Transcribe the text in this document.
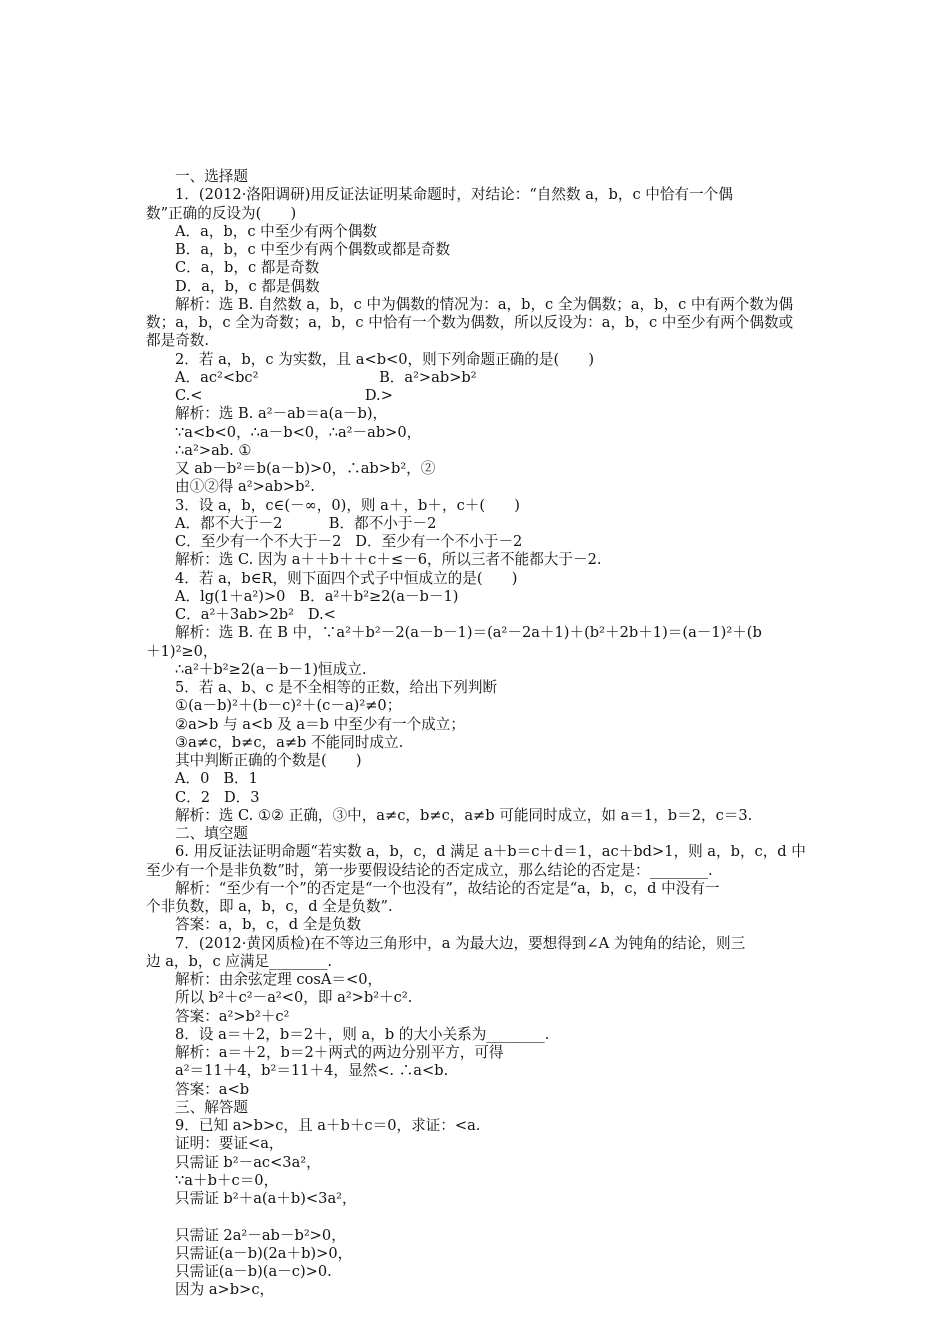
一、选择题
1．(2012·洛阳调研)用反证法证明某命题时，对结论：“自然数 a，b，c 中恰有一个偶
数”正确的反设为(　　)
A．a，b，c 中至少有两个偶数
B．a，b，c 中至少有两个偶数或都是奇数
C．a，b，c 都是奇数
D．a，b，c 都是偶数
解析：选 B. 自然数 a，b，c 中为偶数的情况为：a，b，c 全为偶数；a，b，c 中有两个数为偶
数；a，b，c 全为奇数；a，b，c 中恰有一个数为偶数，所以反设为：a，b，c 中至少有两个偶数或
都是奇数.
2．若 a，b，c 为实数，且 a<b<0，则下列命题正确的是(　　)
A．ac²<bc²                          B．a²>ab>b²
C.<                                   D.>
解析：选 B. a²－ab＝a(a－b)，
∵a<b<0，∴a－b<0，∴a²－ab>0，
∴a²>ab. ①
又 ab－b²＝b(a－b)>0，∴ab>b²，②
由①②得 a²>ab>b².
3．设 a，b，c∈(－∞，0)，则 a＋，b＋，c＋(　　)
A．都不大于－2          B．都不小于－2
C．至少有一个不大于－2   D．至少有一个不小于－2
解析：选 C. 因为 a＋＋b＋＋c＋≤－6，所以三者不能都大于－2.
4．若 a，b∈R，则下面四个式子中恒成立的是(　　)
A．lg(1＋a²)>0   B．a²＋b²≥2(a－b－1)
C．a²＋3ab>2b²   D.<
解析：选 B. 在 B 中，∵a²＋b²－2(a－b－1)＝(a²－2a＋1)＋(b²＋2b＋1)＝(a－1)²＋(b
＋1)²≥0，
∴a²＋b²≥2(a－b－1)恒成立.
5．若 a、b、c 是不全相等的正数，给出下列判断
①(a－b)²＋(b－c)²＋(c－a)²≠0；
②a>b 与 a<b 及 a＝b 中至少有一个成立；
③a≠c，b≠c，a≠b 不能同时成立.
其中判断正确的个数是(　　)
A．0   B．1
C．2   D．3
解析：选 C. ①② 正确，③中，a≠c，b≠c，a≠b 可能同时成立，如 a＝1，b＝2，c＝3.
二、填空题
6. 用反证法证明命题“若实数 a，b，c，d 满足 a＋b＝c＋d＝1，ac＋bd>1，则 a，b，c，d 中
至少有一个是非负数”时，第一步要假设结论的否定成立，那么结论的否定是：________.
解析：“至少有一个”的否定是“一个也没有”，故结论的否定是“a，b，c，d 中没有一
个非负数，即 a，b，c，d 全是负数”.
答案：a，b，c，d 全是负数
7．(2012·黄冈质检)在不等边三角形中，a 为最大边，要想得到∠A 为钝角的结论，则三
边 a，b，c 应满足________.
解析：由余弦定理 cosA＝<0，
所以 b²＋c²－a²<0，即 a²>b²＋c².
答案：a²>b²＋c²
8．设 a＝＋2，b＝2＋，则 a，b 的大小关系为________.
解析：a＝＋2，b＝2＋两式的两边分别平方，可得
a²＝11＋4，b²＝11＋4，显然<. ∴a<b.
答案：a<b
三、解答题
9．已知 a>b>c，且 a＋b＋c＝0，求证：<a.
证明：要证<a，
只需证 b²－ac<3a²，
∵a＋b＋c＝0，
只需证 b²＋a(a＋b)<3a²，
只需证 2a²－ab－b²>0，
只需证(a－b)(2a＋b)>0，
只需证(a－b)(a－c)>0.
因为 a>b>c，
